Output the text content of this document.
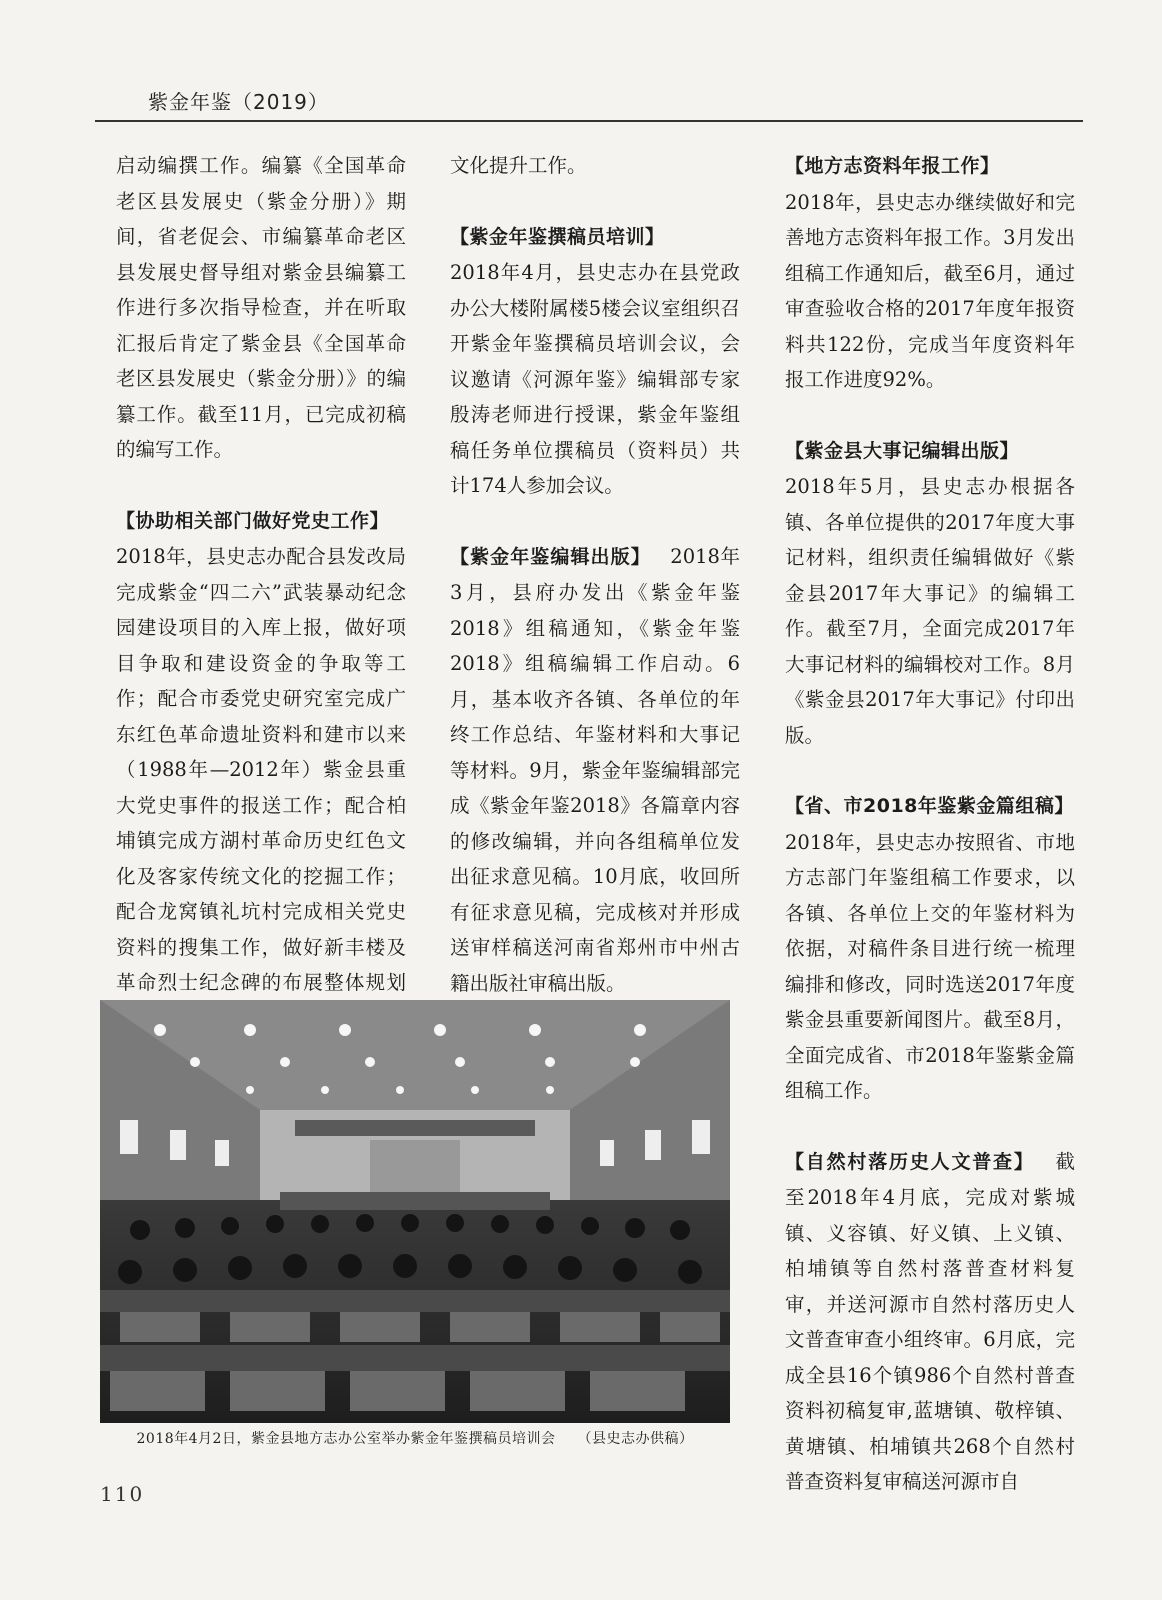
紫金年鉴（2019）

启动编撰工作。编纂《全国革命老区县发展史（紫金分册）》期间，省老促会、市编纂革命老区县发展史督导组对紫金县编纂工作进行多次指导检查，并在听取汇报后肯定了紫金县《全国革命老区县发展史（紫金分册）》的编纂工作。截至11月，已完成初稿的编写工作。

【协助相关部门做好党史工作】
2018年，县史志办配合县发改局完成紫金“四二六”武装暴动纪念园建设项目的入库上报，做好项目争取和建设资金的争取等工作；配合市委党史研究室完成广东红色革命遗址资料和建市以来（1988年—2012年）紫金县重大党史事件的报送工作；配合柏埔镇完成方湖村革命历史红色文化及客家传统文化的挖掘工作；配合龙窝镇礼坑村完成相关党史资料的搜集工作，做好新丰楼及革命烈士纪念碑的布展整体规划

文化提升工作。

【紫金年鉴撰稿员培训】
2018年4月，县史志办在县党政办公大楼附属楼5楼会议室组织召开紫金年鉴撰稿员培训会议，会议邀请《河源年鉴》编辑部专家殷涛老师进行授课，紫金年鉴组稿任务单位撰稿员（资料员）共计174人参加会议。

【紫金年鉴编辑出版】  2018年3月，县府办发出《紫金年鉴2018》组稿通知，《紫金年鉴2018》组稿编辑工作启动。6月，基本收齐各镇、各单位的年终工作总结、年鉴材料和大事记等材料。9月，紫金年鉴编辑部完成《紫金年鉴2018》各篇章内容的修改编辑，并向各组稿单位发出征求意见稿。10月底，收回所有征求意见稿，完成核对并形成送审样稿送河南省郑州市中州古籍出版社审稿出版。

【地方志资料年报工作】
2018年，县史志办继续做好和完善地方志资料年报工作。3月发出组稿工作通知后，截至6月，通过审查验收合格的2017年度年报资料共122份，完成当年度资料年报工作进度92%。

【紫金县大事记编辑出版】
2018年5月，县史志办根据各镇、各单位提供的2017年度大事记材料，组织责任编辑做好《紫金县2017年大事记》的编辑工作。截至7月，全面完成2017年大事记材料的编辑校对工作。8月《紫金县2017年大事记》付印出版。

【省、市2018年鉴紫金篇组稿】
2018年，县史志办按照省、市地方志部门年鉴组稿工作要求，以各镇、各单位上交的年鉴材料为依据，对稿件条目进行统一梳理编排和修改，同时选送2017年度紫金县重要新闻图片。截至8月，全面完成省、市2018年鉴紫金篇组稿工作。

【自然村落历史人文普查】  截至2018年4月底，完成对紫城镇、义容镇、好义镇、上义镇、柏埔镇等自然村落普查材料复审，并送河源市自然村落历史人文普查审查小组终审。6月底，完成全县16个镇986个自然村普查资料初稿复审,蓝塘镇、敬梓镇、黄塘镇、柏埔镇共268个自然村普查资料复审稿送河源市自

2018年4月2日，紫金县地方志办公室举办紫金年鉴撰稿员培训会 （县史志办供稿）
110
